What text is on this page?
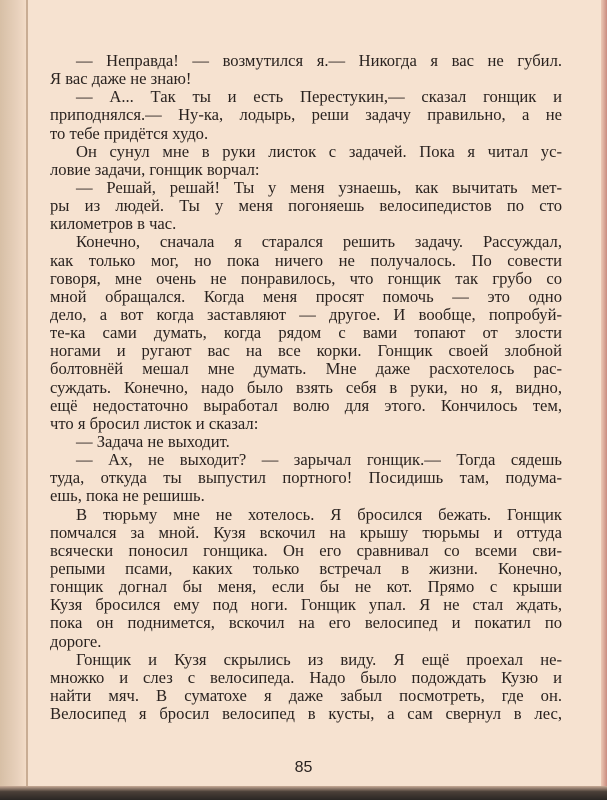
— Неправда! — возмутился я.— Никогда я вас не губил.
Я вас даже не знаю!
— А... Так ты и есть Перестукин,— сказал гонщик и
приподнялся.— Ну-ка, лодырь, реши задачу правильно, а не
то тебе придётся худо.
Он сунул мне в руки листок с задачей. Пока я читал ус-
ловие задачи, гонщик ворчал:
— Решай, решай! Ты у меня узнаешь, как вычитать мет-
ры из людей. Ты у меня погоняешь велосипедистов по сто
километров в час.
Конечно, сначала я старался решить задачу. Рассуждал,
как только мог, но пока ничего не получалось. По совести
говоря, мне очень не понравилось, что гонщик так грубо со
мной обращался. Когда меня просят помочь — это одно
дело, а вот когда заставляют — другое. И вообще, попробуй-
те-ка сами думать, когда рядом с вами топают от злости
ногами и ругают вас на все корки. Гонщик своей злобной
болтовнёй мешал мне думать. Мне даже расхотелось рас-
суждать. Конечно, надо было взять себя в руки, но я, видно,
ещё недостаточно выработал волю для этого. Кончилось тем,
что я бросил листок и сказал:
— Задача не выходит.
— Ах, не выходит? — зарычал гонщик.— Тогда сядешь
туда, откуда ты выпустил портного! Посидишь там, подума-
ешь, пока не решишь.
В тюрьму мне не хотелось. Я бросился бежать. Гонщик
помчался за мной. Кузя вскочил на крышу тюрьмы и оттуда
всячески поносил гонщика. Он его сравнивал со всеми сви-
репыми псами, каких только встречал в жизни. Конечно,
гонщик догнал бы меня, если бы не кот. Прямо с крыши
Кузя бросился ему под ноги. Гонщик упал. Я не стал ждать,
пока он поднимется, вскочил на его велосипед и покатил по
дороге.
Гонщик и Кузя скрылись из виду. Я ещё проехал не-
множко и слез с велосипеда. Надо было подождать Кузю и
найти мяч. В суматохе я даже забыл посмотреть, где он.
Велосипед я бросил велосипед в кусты, а сам свернул в лес,
85
